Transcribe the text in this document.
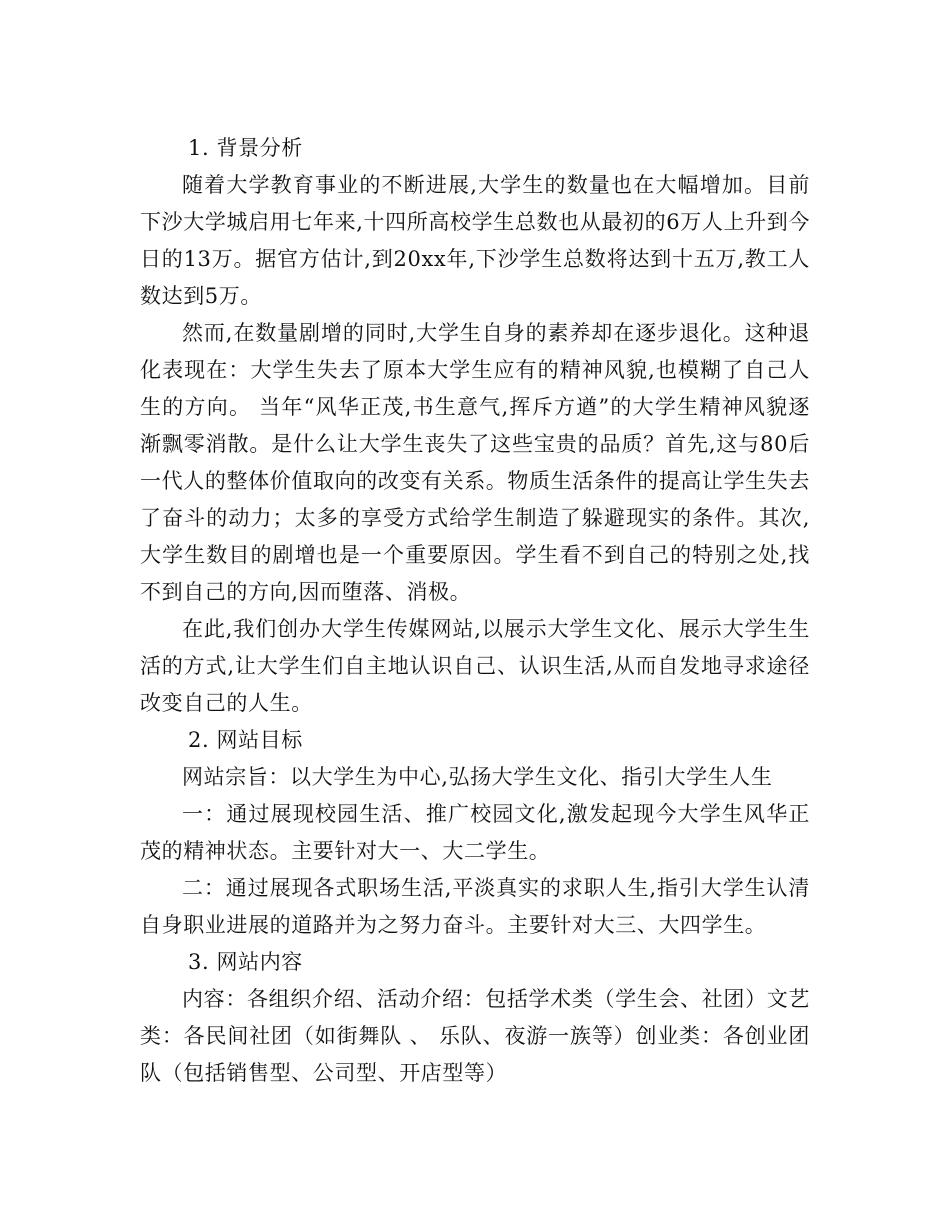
1. 背景分析

随着大学教育事业的不断进展,大学生的数量也在大幅增加。目前下沙大学城启用七年来,十四所高校学生总数也从最初的6万人上升到今日的13万。据官方估计,到20xx年,下沙学生总数将达到十五万,教工人数达到5万。

然而,在数量剧增的同时,大学生自身的素养却在逐步退化。这种退化表现在：大学生失去了原本大学生应有的精神风貌,也模糊了自己人生的方向。 当年“风华正茂,书生意气,挥斥方遒”的大学生精神风貌逐渐飘零消散。是什么让大学生丧失了这些宝贵的品质？首先,这与80后一代人的整体价值取向的改变有关系。物质生活条件的提高让学生失去了奋斗的动力；太多的享受方式给学生制造了躲避现实的条件。其次,大学生数目的剧增也是一个重要原因。学生看不到自己的特别之处,找不到自己的方向,因而堕落、消极。

在此,我们创办大学生传媒网站,以展示大学生文化、展示大学生生活的方式,让大学生们自主地认识自己、认识生活,从而自发地寻求途径改变自己的人生。

2. 网站目标

网站宗旨：以大学生为中心,弘扬大学生文化、指引大学生人生

一：通过展现校园生活、推广校园文化,激发起现今大学生风华正茂的精神状态。主要针对大一、大二学生。

二：通过展现各式职场生活,平淡真实的求职人生,指引大学生认清自身职业进展的道路并为之努力奋斗。主要针对大三、大四学生。

3. 网站内容

内容：各组织介绍、活动介绍：包括学术类（学生会、社团）文艺类：各民间社团（如街舞队 、 乐队、夜游一族等）创业类：各创业团队（包括销售型、公司型、开店型等）
